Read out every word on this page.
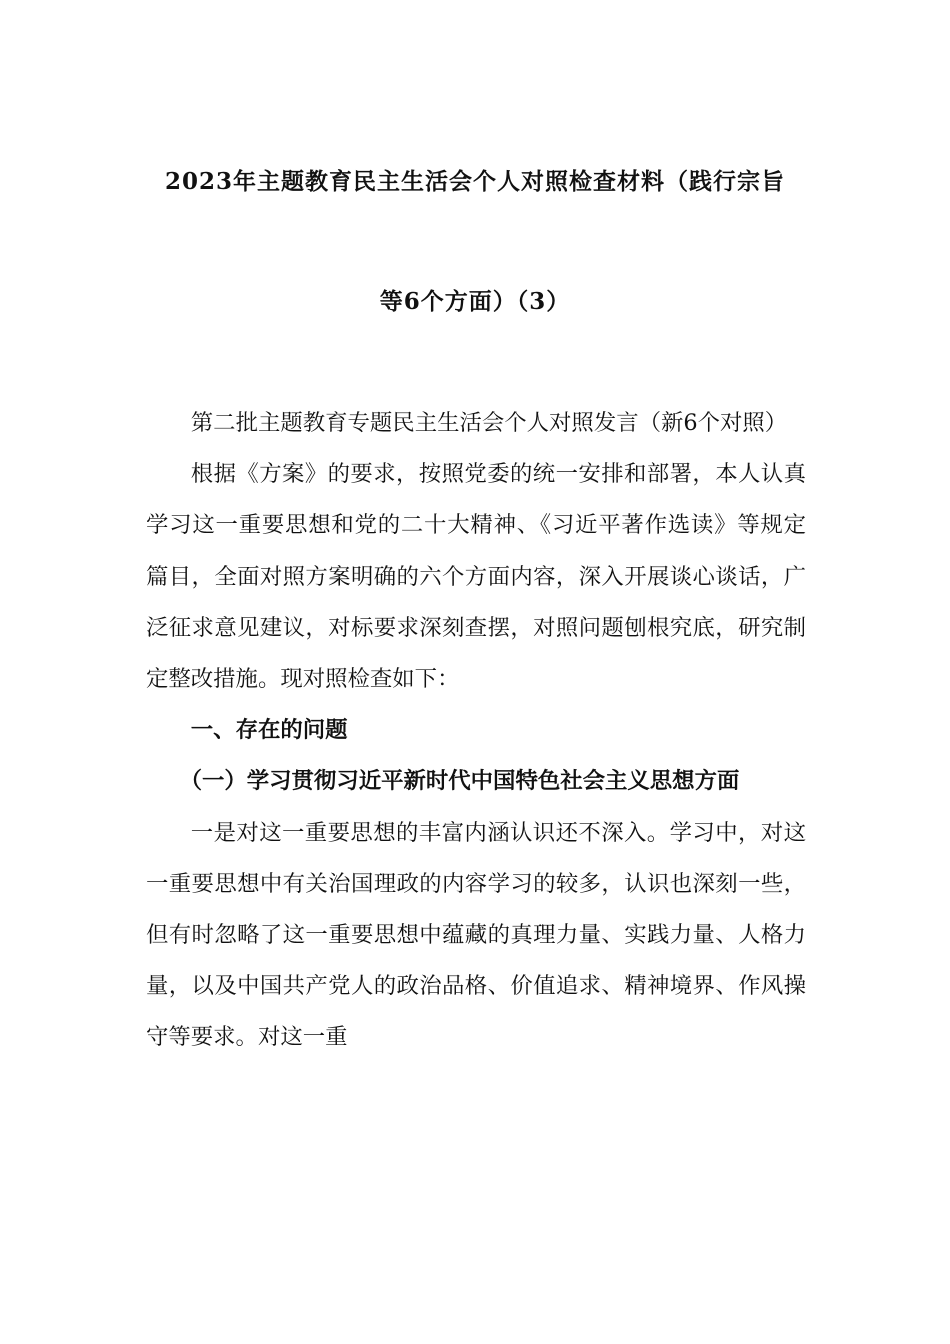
2023年主题教育民主生活会个人对照检查材料（践行宗旨
等6个方面）（3）

第二批主题教育专题民主生活会个人对照发言（新6个对照）

根据《方案》的要求，按照党委的统一安排和部署，本人认真学习这一重要思想和党的二十大精神、《习近平著作选读》等规定篇目，全面对照方案明确的六个方面内容，深入开展谈心谈话，广泛征求意见建议，对标要求深刻查摆，对照问题刨根究底，研究制定整改措施。现对照检查如下：

一、存在的问题

（一）学习贯彻习近平新时代中国特色社会主义思想方面

一是对这一重要思想的丰富内涵认识还不深入。学习中，对这一重要思想中有关治国理政的内容学习的较多，认识也深刻一些，但有时忽略了这一重要思想中蕴藏的真理力量、实践力量、人格力量，以及中国共产党人的政治品格、价值追求、精神境界、作风操守等要求。对这一重
